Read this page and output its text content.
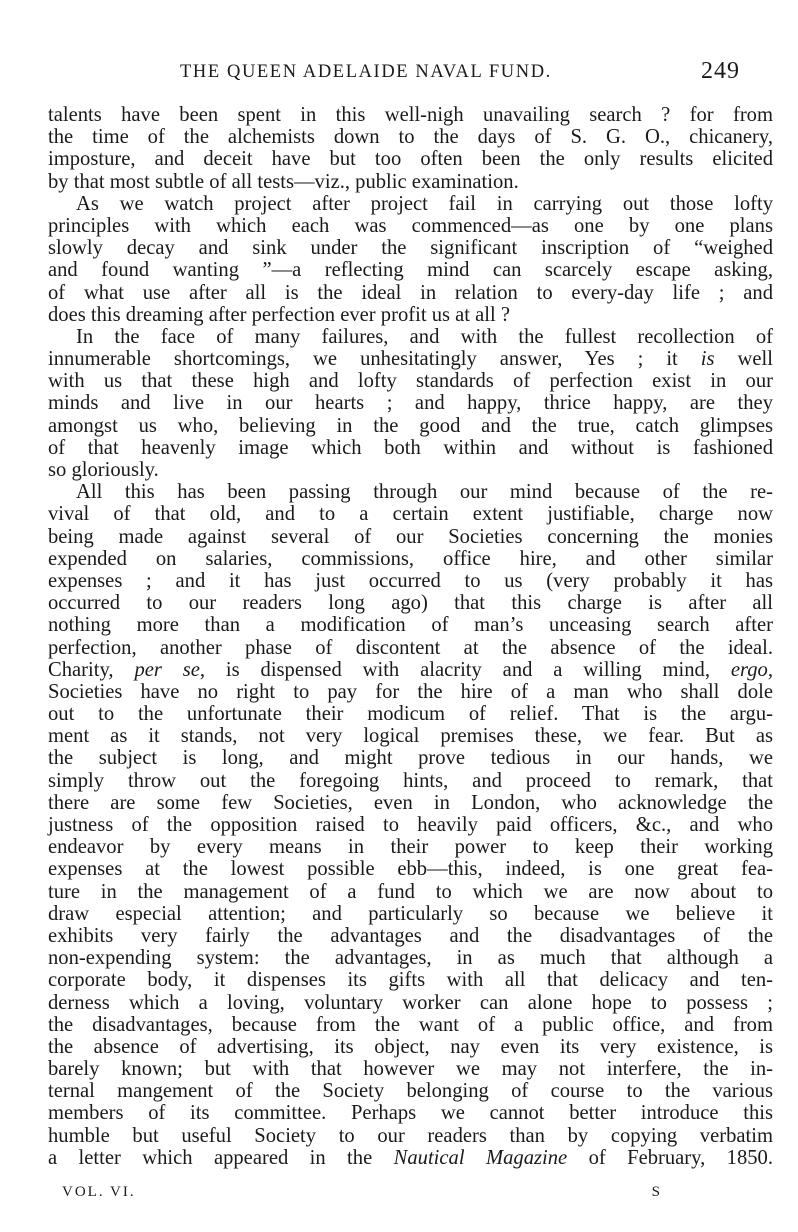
THE QUEEN ADELAIDE NAVAL FUND.	249
talents have been spent in this well-nigh unavailing search ? for from
the time of the alchemists down to the days of S. G. O., chicanery,
imposture, and deceit have but too often been the only results elicited
by that most subtle of all tests—viz., public examination.
As we watch project after project fail in carrying out those lofty
principles with which each was commenced—as one by one plans
slowly decay and sink under the significant inscription of “weighed
and found wanting ”—a reflecting mind can scarcely escape asking,
of what use after all is the ideal in relation to every-day life ; and
does this dreaming after perfection ever profit us at all ?
In the face of many failures, and with the fullest recollection of
innumerable shortcomings, we unhesitatingly answer, Yes ; it is well
with us that these high and lofty standards of perfection exist in our
minds and live in our hearts ; and happy, thrice happy, are they
amongst us who, believing in the good and the true, catch glimpses
of that heavenly image which both within and without is fashioned
so gloriously.
All this has been passing through our mind because of the re-
vival of that old, and to a certain extent justifiable, charge now
being made against several of our Societies concerning the monies
expended on salaries, commissions, office hire, and other similar
expenses ; and it has just occurred to us (very probably it has
occurred to our readers long ago) that this charge is after all
nothing more than a modification of man’s unceasing search after
perfection, another phase of discontent at the absence of the ideal.
Charity, per se, is dispensed with alacrity and a willing mind, ergo,
Societies have no right to pay for the hire of a man who shall dole
out to the unfortunate their modicum of relief. That is the argu-
ment as it stands, not very logical premises these, we fear. But as
the subject is long, and might prove tedious in our hands, we
simply throw out the foregoing hints, and proceed to remark, that
there are some few Societies, even in London, who acknowledge the
justness of the opposition raised to heavily paid officers, &c., and who
endeavor by every means in their power to keep their working
expenses at the lowest possible ebb—this, indeed, is one great fea-
ture in the management of a fund to which we are now about to
draw especial attention; and particularly so because we believe it
exhibits very fairly the advantages and the disadvantages of the
non-expending system: the advantages, in as much that although a
corporate body, it dispenses its gifts with all that delicacy and ten-
derness which a loving, voluntary worker can alone hope to possess ;
the disadvantages, because from the want of a public office, and from
the absence of advertising, its object, nay even its very existence, is
barely known; but with that however we may not interfere, the in-
ternal mangement of the Society belonging of course to the various
members of its committee. Perhaps we cannot better introduce this
humble but useful Society to our readers than by copying verbatim
a letter which appeared in the Nautical Magazine of February, 1850.
VOL. VI.	S
